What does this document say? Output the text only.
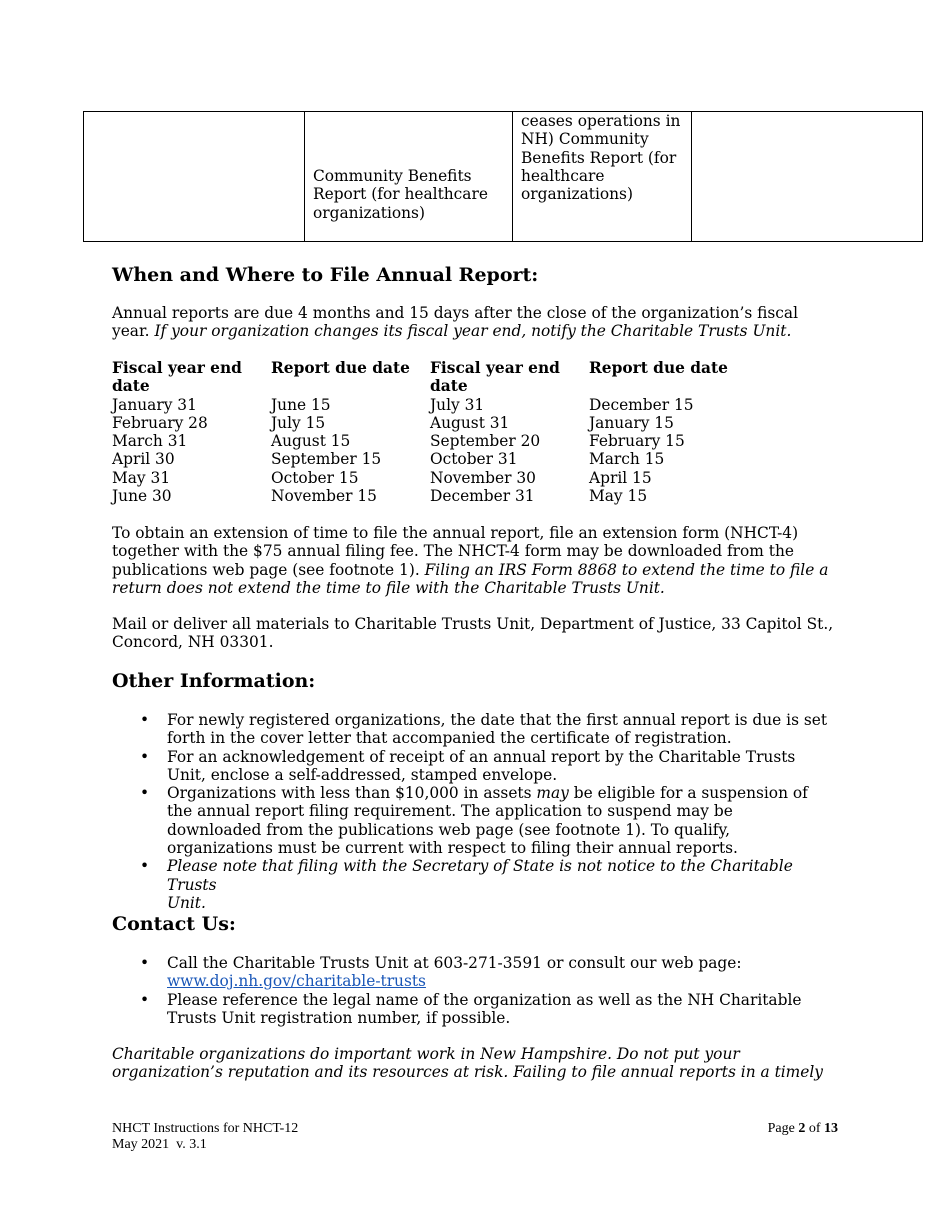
Community Benefits Report (for healthcare organizations)	ceases operations in NH) Community Benefits Report (for healthcare organizations)	
When and Where to File Annual Report:

Annual reports are due 4 months and 15 days after the close of the organization’s fiscal
year. If your organization changes its fiscal year end, notify the Charitable Trusts Unit.

Fiscal year end date	Report due date	Fiscal year end date	Report due date
January 31	June 15	July 31	December 15
February 28	July 15	August 31	January 15
March 31	August 15	September 20	February 15
April 30	September 15	October 31	March 15
May 31	October 15	November 30	April 15
June 30	November 15	December 31	May 15

To obtain an extension of time to file the annual report, file an extension form (NHCT-4)
together with the $75 annual filing fee. The NHCT-4 form may be downloaded from the
publications web page (see footnote 1). Filing an IRS Form 8868 to extend the time to file a
return does not extend the time to file with the Charitable Trusts Unit.

Mail or deliver all materials to Charitable Trusts Unit, Department of Justice, 33 Capitol St.,
Concord, NH 03301.

Other Information:
• For newly registered organizations, the date that the first annual report is due is set
forth in the cover letter that accompanied the certificate of registration.
• For an acknowledgement of receipt of an annual report by the Charitable Trusts
Unit, enclose a self-addressed, stamped envelope.
• Organizations with less than $10,000 in assets may be eligible for a suspension of
the annual report filing requirement. The application to suspend may be
downloaded from the publications web page (see footnote 1). To qualify,
organizations must be current with respect to filing their annual reports.
• Please note that filing with the Secretary of State is not notice to the Charitable Trusts
Unit.
Contact Us:
• Call the Charitable Trusts Unit at 603-271-3591 or consult our web page:
www.doj.nh.gov/charitable-trusts
• Please reference the legal name of the organization as well as the NH Charitable
Trusts Unit registration number, if possible.

Charitable organizations do important work in New Hampshire. Do not put your
organization’s reputation and its resources at risk. Failing to file annual reports in a timely

NHCT Instructions for NHCT-12
May 2021  v. 3.1
Page 2 of 13
